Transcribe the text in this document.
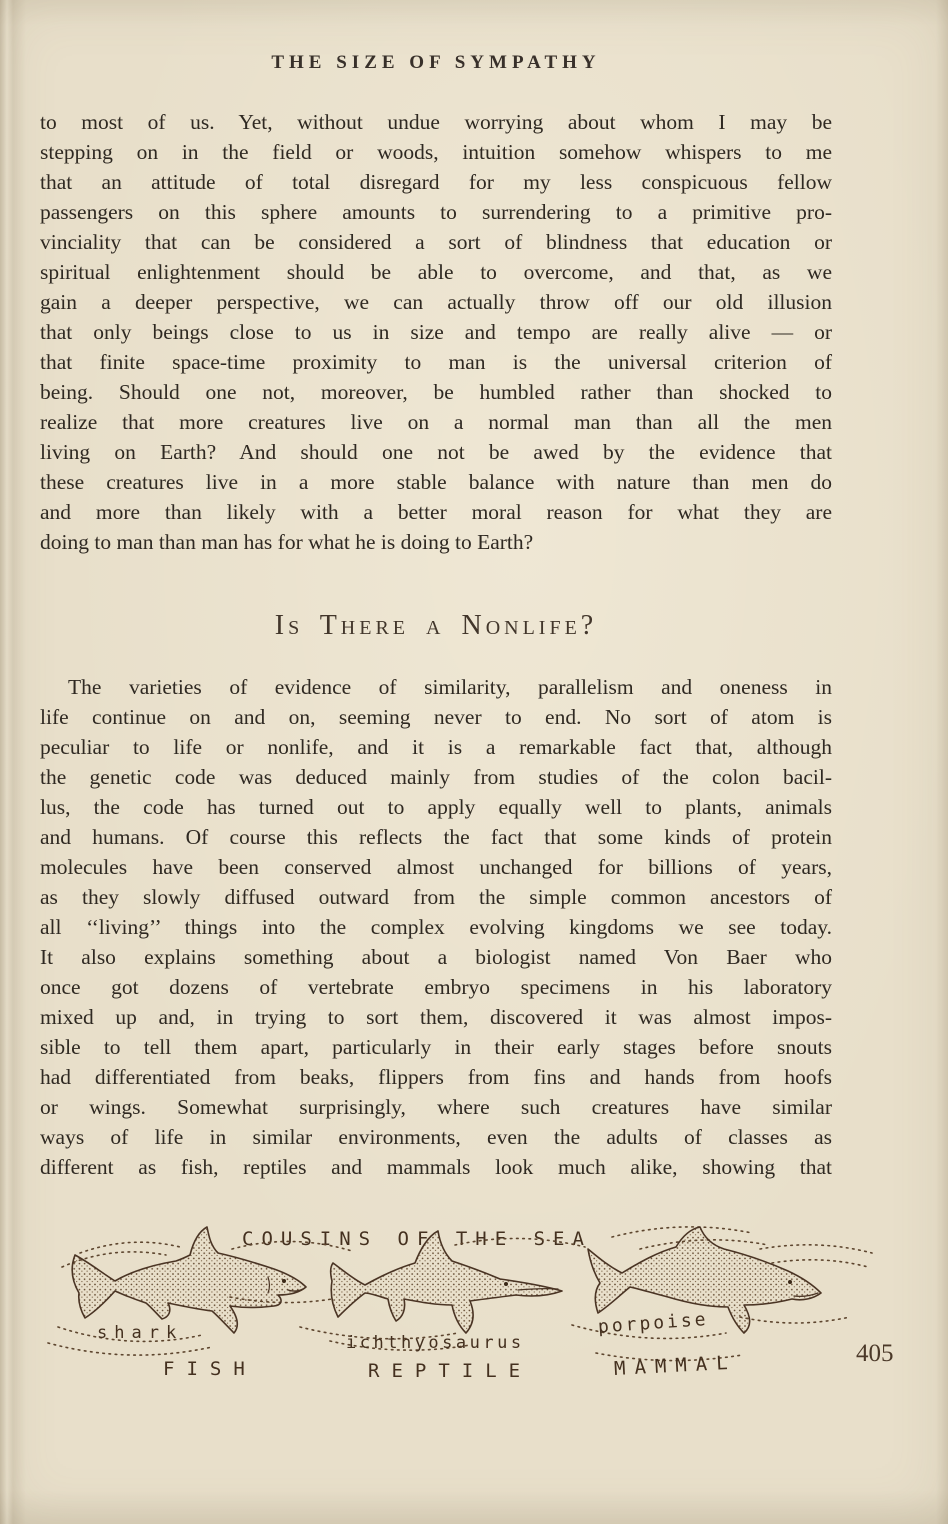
THE SIZE OF SYMPATHY
to most of us. Yet, without undue worrying about whom I may be
stepping on in the field or woods, intuition somehow whispers to me
that an attitude of total disregard for my less conspicuous fellow
passengers on this sphere amounts to surrendering to a primitive pro-
vinciality that can be considered a sort of blindness that education or
spiritual enlightenment should be able to overcome, and that, as we
gain a deeper perspective, we can actually throw off our old illusion
that only beings close to us in size and tempo are really alive — or
that finite space-time proximity to man is the universal criterion of
being. Should one not, moreover, be humbled rather than shocked to
realize that more creatures live on a normal man than all the men
living on Earth? And should one not be awed by the evidence that
these creatures live in a more stable balance with nature than men do
and more than likely with a better moral reason for what they are
doing to man than man has for what he is doing to Earth?
Is There a Nonlife?
The varieties of evidence of similarity, parallelism and oneness in
life continue on and on, seeming never to end. No sort of atom is
peculiar to life or nonlife, and it is a remarkable fact that, although
the genetic code was deduced mainly from studies of the colon bacil-
lus, the code has turned out to apply equally well to plants, animals
and humans. Of course this reflects the fact that some kinds of protein
molecules have been conserved almost unchanged for billions of years,
as they slowly diffused outward from the simple common ancestors of
all ‘‘living’’ things into the complex evolving kingdoms we see today.
It also explains something about a biologist named Von Baer who
once got dozens of vertebrate embryo specimens in his laboratory
mixed up and, in trying to sort them, discovered it was almost impos-
sible to tell them apart, particularly in their early stages before snouts
had differentiated from beaks, flippers from fins and hands from hoofs
or wings. Somewhat surprisingly, where such creatures have similar
ways of life in similar environments, even the adults of classes as
different as fish, reptiles and mammals look much alike, showing that
COUSINS OF THE SEA
shark	ichthyosaurus
porpoise
FISH	REPTILE	MAMMAL	405
